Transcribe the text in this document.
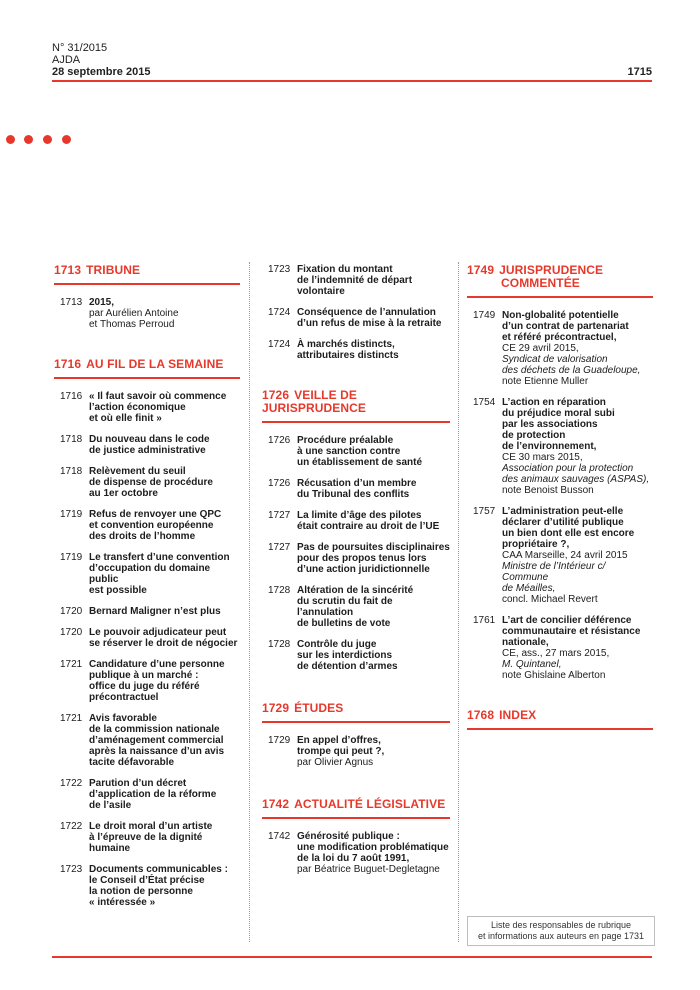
N° 31/2015
AJDA
28 septembre 2015	1715
1713 TRIBUNE
1713 2015,
par Aurélien Antoine
et Thomas Perroud
1716 AU FIL DE LA SEMAINE
1716 « Il faut savoir où commence
l’action économique
et où elle finit »
1718 Du nouveau dans le code
de justice administrative
1718 Relèvement du seuil
de dispense de procédure
au 1er octobre
1719 Refus de renvoyer une QPC
et convention européenne
des droits de l’homme
1719 Le transfert d’une convention
d’occupation du domaine public
est possible
1720 Bernard Maligner n’est plus
1720 Le pouvoir adjudicateur peut
se réserver le droit de négocier
1721 Candidature d’une personne
publique à un marché :
office du juge du référé
précontractuel
1721 Avis favorable
de la commission nationale
d’aménagement commercial
après la naissance d’un avis
tacite défavorable
1722 Parution d’un décret
d’application de la réforme
de l’asile
1722 Le droit moral d’un artiste
à l’épreuve de la dignité
humaine
1723 Documents communicables :
le Conseil d’État précise
la notion de personne
« intéressée »
1723 Fixation du montant
de l’indemnité de départ
volontaire
1724 Conséquence de l’annulation
d’un refus de mise à la retraite
1724 À marchés distincts,
attributaires distincts
1726 VEILLE DE JURISPRUDENCE
1726 Procédure préalable
à une sanction contre
un établissement de santé
1726 Récusation d’un membre
du Tribunal des conflits
1727 La limite d’âge des pilotes
était contraire au droit de l’UE
1727 Pas de poursuites disciplinaires
pour des propos tenus lors
d’une action juridictionnelle
1728 Altération de la sincérité
du scrutin du fait de l’annulation
de bulletins de vote
1728 Contrôle du juge
sur les interdictions
de détention d’armes
1729 ÉTUDES
1729 En appel d’offres,
trompe qui peut ?,
par Olivier Agnus
1742 ACTUALITÉ LÉGISLATIVE
1742 Générosité publique :
une modification problématique
de la loi du 7 août 1991,
par Béatrice Buguet-Degletagne
1749 JURISPRUDENCE
COMMENTÉE
1749 Non-globalité potentielle
d’un contrat de partenariat
et référé précontractuel,
CE 29 avril 2015,
Syndicat de valorisation
des déchets de la Guadeloupe,
note Etienne Muller
1754 L’action en réparation
du préjudice moral subi
par les associations
de protection
de l’environnement,
CE 30 mars 2015,
Association pour la protection
des animaux sauvages (ASPAS),
note Benoist Busson
1757 L’administration peut-elle
déclarer d’utilité publique
un bien dont elle est encore
propriétaire ?,
CAA Marseille, 24 avril 2015
Ministre de l’Intérieur c/ Commune
de Méailles,
concl. Michael Revert
1761 L’art de concilier déférence
communautaire et résistance
nationale,
CE, ass., 27 mars 2015,
M. Quintanel,
note Ghislaine Alberton
1768 INDEX
Liste des responsables de rubrique
et informations aux auteurs en page 1731
